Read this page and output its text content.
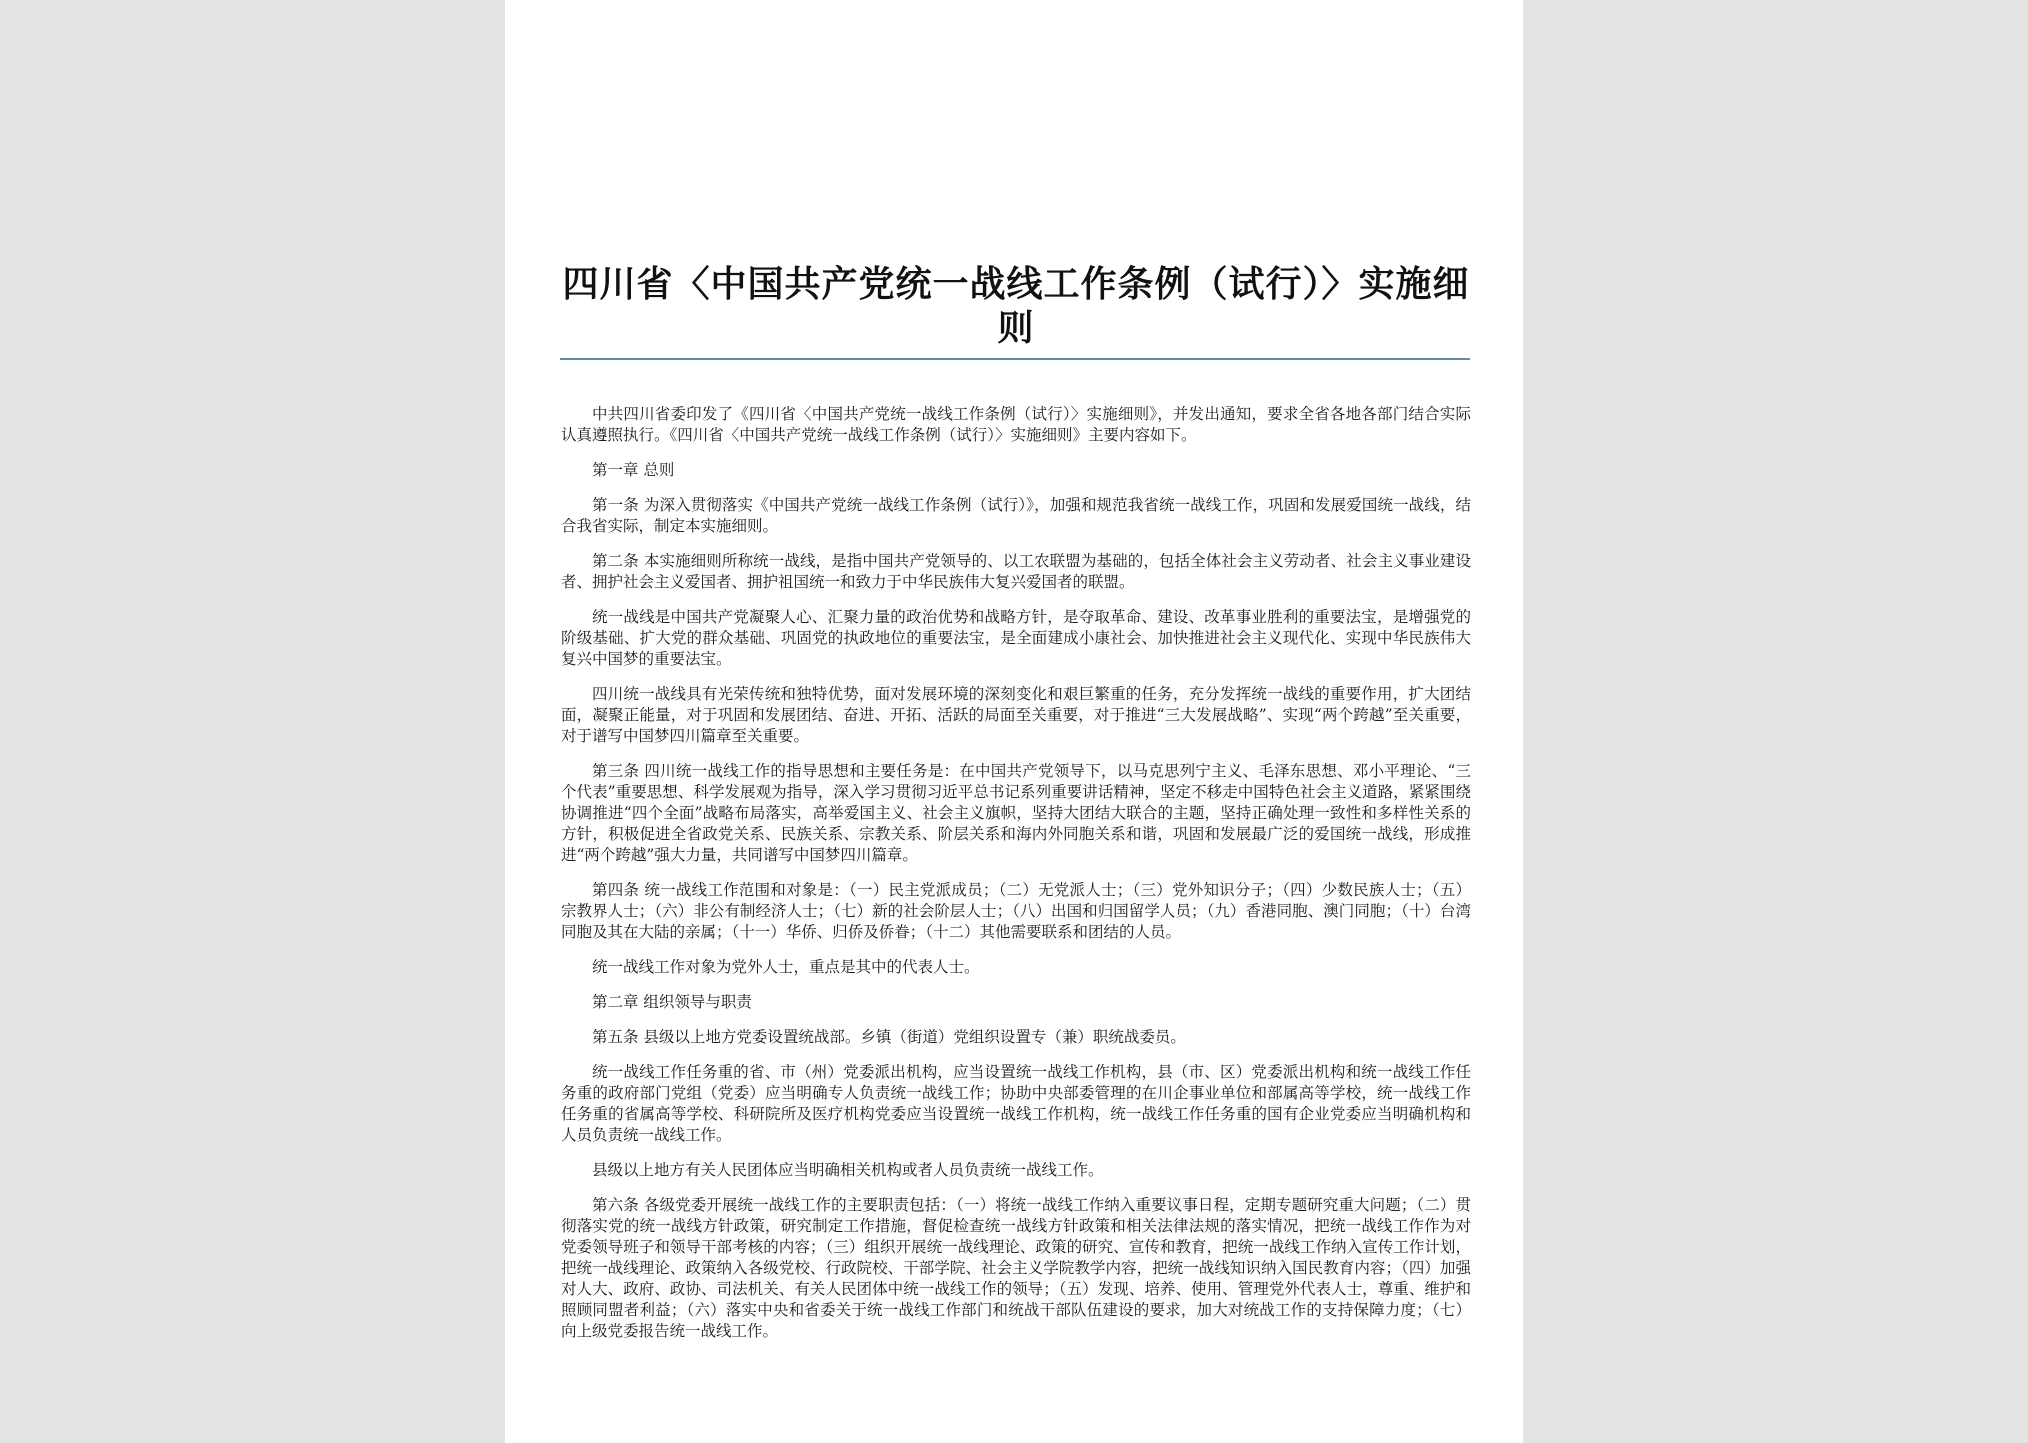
四川省〈中国共产党统一战线工作条例（试行）〉实施细则

中共四川省委印发了《四川省〈中国共产党统一战线工作条例（试行）〉实施细则》，并发出通知，要求全省各地各部门结合实际认真遵照执行。《四川省〈中国共产党统一战线工作条例（试行）〉实施细则》主要内容如下。

第一章 总则

第一条 为深入贯彻落实《中国共产党统一战线工作条例（试行）》，加强和规范我省统一战线工作，巩固和发展爱国统一战线，结合我省实际，制定本实施细则。

第二条 本实施细则所称统一战线，是指中国共产党领导的、以工农联盟为基础的，包括全体社会主义劳动者、社会主义事业建设者、拥护社会主义爱国者、拥护祖国统一和致力于中华民族伟大复兴爱国者的联盟。

统一战线是中国共产党凝聚人心、汇聚力量的政治优势和战略方针，是夺取革命、建设、改革事业胜利的重要法宝，是增强党的阶级基础、扩大党的群众基础、巩固党的执政地位的重要法宝，是全面建成小康社会、加快推进社会主义现代化、实现中华民族伟大复兴中国梦的重要法宝。

四川统一战线具有光荣传统和独特优势，面对发展环境的深刻变化和艰巨繁重的任务，充分发挥统一战线的重要作用，扩大团结面，凝聚正能量，对于巩固和发展团结、奋进、开拓、活跃的局面至关重要，对于推进“三大发展战略”、实现“两个跨越”至关重要，对于谱写中国梦四川篇章至关重要。

第三条 四川统一战线工作的指导思想和主要任务是：在中国共产党领导下，以马克思列宁主义、毛泽东思想、邓小平理论、“三个代表”重要思想、科学发展观为指导，深入学习贯彻习近平总书记系列重要讲话精神，坚定不移走中国特色社会主义道路，紧紧围绕协调推进“四个全面”战略布局落实，高举爱国主义、社会主义旗帜，坚持大团结大联合的主题，坚持正确处理一致性和多样性关系的方针，积极促进全省政党关系、民族关系、宗教关系、阶层关系和海内外同胞关系和谐，巩固和发展最广泛的爱国统一战线，形成推进“两个跨越”强大力量，共同谱写中国梦四川篇章。

第四条 统一战线工作范围和对象是：（一）民主党派成员；（二）无党派人士；（三）党外知识分子；（四）少数民族人士；（五）宗教界人士；（六）非公有制经济人士；（七）新的社会阶层人士；（八）出国和归国留学人员；（九）香港同胞、澳门同胞；（十）台湾同胞及其在大陆的亲属；（十一）华侨、归侨及侨眷；（十二）其他需要联系和团结的人员。

统一战线工作对象为党外人士，重点是其中的代表人士。

第二章 组织领导与职责

第五条 县级以上地方党委设置统战部。乡镇（街道）党组织设置专（兼）职统战委员。

统一战线工作任务重的省、市（州）党委派出机构，应当设置统一战线工作机构，县（市、区）党委派出机构和统一战线工作任务重的政府部门党组（党委）应当明确专人负责统一战线工作；协助中央部委管理的在川企事业单位和部属高等学校，统一战线工作任务重的省属高等学校、科研院所及医疗机构党委应当设置统一战线工作机构，统一战线工作任务重的国有企业党委应当明确机构和人员负责统一战线工作。

县级以上地方有关人民团体应当明确相关机构或者人员负责统一战线工作。

第六条 各级党委开展统一战线工作的主要职责包括：（一）将统一战线工作纳入重要议事日程，定期专题研究重大问题；（二）贯彻落实党的统一战线方针政策，研究制定工作措施，督促检查统一战线方针政策和相关法律法规的落实情况，把统一战线工作作为对党委领导班子和领导干部考核的内容；（三）组织开展统一战线理论、政策的研究、宣传和教育，把统一战线工作纳入宣传工作计划，把统一战线理论、政策纳入各级党校、行政院校、干部学院、社会主义学院教学内容，把统一战线知识纳入国民教育内容；（四）加强对人大、政府、政协、司法机关、有关人民团体中统一战线工作的领导；（五）发现、培养、使用、管理党外代表人士，尊重、维护和照顾同盟者利益；（六）落实中央和省委关于统一战线工作部门和统战干部队伍建设的要求，加大对统战工作的支持保障力度；（七）向上级党委报告统一战线工作。
